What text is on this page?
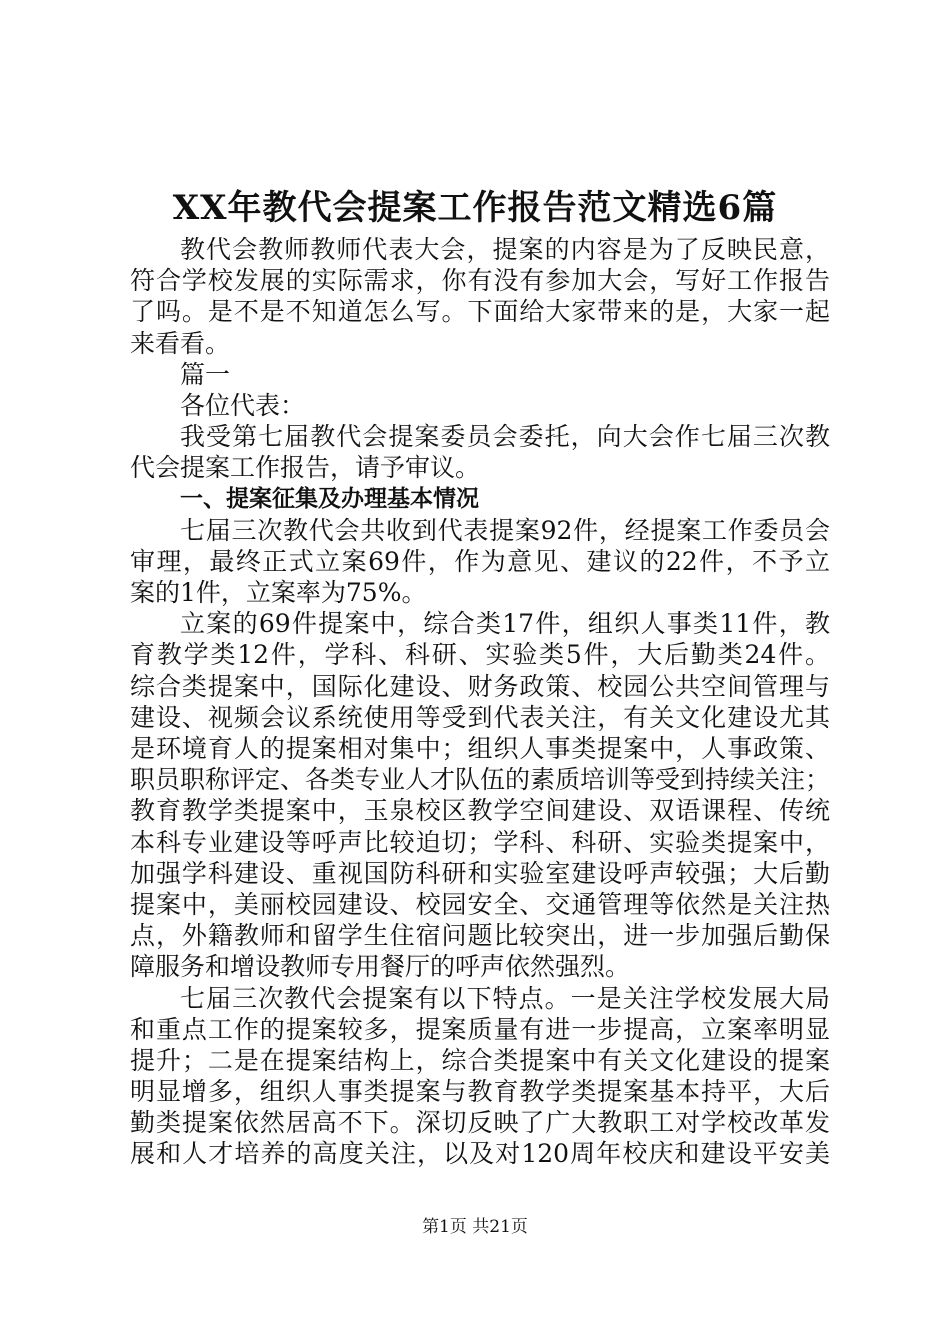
XX年教代会提案工作报告范文精选6篇
教代会教师教师代表大会，提案的内容是为了反映民意，
符合学校发展的实际需求，你有没有参加大会，写好工作报告
了吗。是不是不知道怎么写。下面给大家带来的是，大家一起
来看看。
篇一
各位代表：
我受第七届教代会提案委员会委托，向大会作七届三次教
代会提案工作报告，请予审议。
一、提案征集及办理基本情况
七届三次教代会共收到代表提案92件，经提案工作委员会
审理，最终正式立案69件，作为意见、建议的22件，不予立
案的1件，立案率为75%。
立案的69件提案中，综合类17件，组织人事类11件，教
育教学类12件，学科、科研、实验类5件，大后勤类24件。
综合类提案中，国际化建设、财务政策、校园公共空间管理与
建设、视频会议系统使用等受到代表关注，有关文化建设尤其
是环境育人的提案相对集中；组织人事类提案中，人事政策、
职员职称评定、各类专业人才队伍的素质培训等受到持续关注；
教育教学类提案中，玉泉校区教学空间建设、双语课程、传统
本科专业建设等呼声比较迫切；学科、科研、实验类提案中，
加强学科建设、重视国防科研和实验室建设呼声较强；大后勤
提案中，美丽校园建设、校园安全、交通管理等依然是关注热
点，外籍教师和留学生住宿问题比较突出，进一步加强后勤保
障服务和增设教师专用餐厅的呼声依然强烈。
七届三次教代会提案有以下特点。一是关注学校发展大局
和重点工作的提案较多，提案质量有进一步提高，立案率明显
提升；二是在提案结构上，综合类提案中有关文化建设的提案
明显增多，组织人事类提案与教育教学类提案基本持平，大后
勤类提案依然居高不下。深切反映了广大教职工对学校改革发
展和人才培养的高度关注，以及对120周年校庆和建设平安美
第1页 共21页
